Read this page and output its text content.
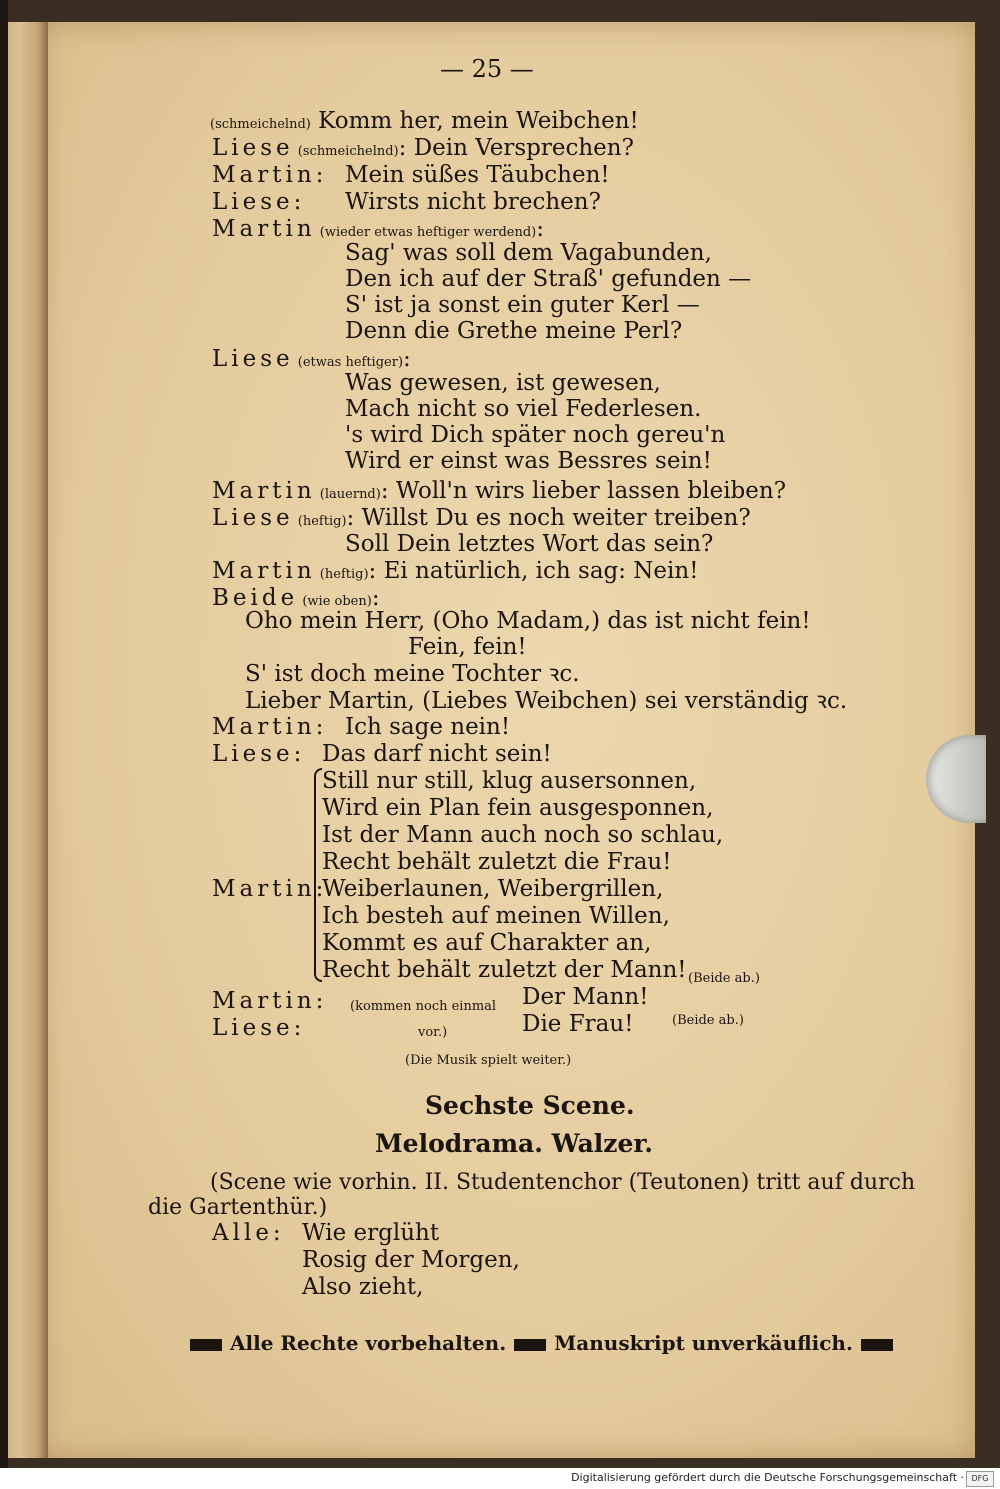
— 25 —
(schmeichelnd) Komm her, mein Weibchen!
Liese (schmeichelnd): Dein Versprechen?
Martin: Mein süßes Täubchen!
Liese: Wirsts nicht brechen?
Martin (wieder etwas heftiger werdend):
Sag' was soll dem Vagabunden,
Den ich auf der Straß' gefunden —
S' ist ja sonst ein guter Kerl —
Denn die Grethe meine Perl?
Liese (etwas heftiger):
Was gewesen, ist gewesen,
Mach nicht so viel Federlesen.
's wird Dich später noch gereu'n
Wird er einst was Bessres sein!
Martin (lauernd): Woll'n wirs lieber lassen bleiben?
Liese (heftig): Willst Du es noch weiter treiben?
Soll Dein letztes Wort das sein?
Martin (heftig): Ei natürlich, ich sag: Nein!
Beide (wie oben):
Oho mein Herr, (Oho Madam,) das ist nicht fein!
Fein, fein!
S' ist doch meine Tochter ꝛc.
Lieber Martin, (Liebes Weibchen) sei verständig ꝛc.
Martin: Ich sage nein!
Liese: Das darf nicht sein!
Still nur still, klug ausersonnen,
Wird ein Plan fein ausgesponnen,
Ist der Mann auch noch so schlau,
Recht behält zuletzt die Frau!
Martin:
Weiberlaunen, Weibergrillen,
Ich besteh auf meinen Willen,
Kommt es auf Charakter an,
Recht behält zuletzt der Mann! (Beide ab.)
Martin: (kommen noch einmal Der Mann!
Liese:	vor.)	Die Frau!	(Beide ab.)
(Die Musik spielt weiter.)
Sechste Scene.
Melodrama. Walzer.
(Scene wie vorhin. II. Studentenchor (Teutonen) tritt auf durch
die Gartenthür.)
Alle: Wie erglüht
Rosig der Morgen,
Also zieht,
Alle Rechte vorbehalten. Manuskript unverkäuflich.
Digitalisierung gefördert durch die Deutsche Forschungsgemeinschaft · DFG
